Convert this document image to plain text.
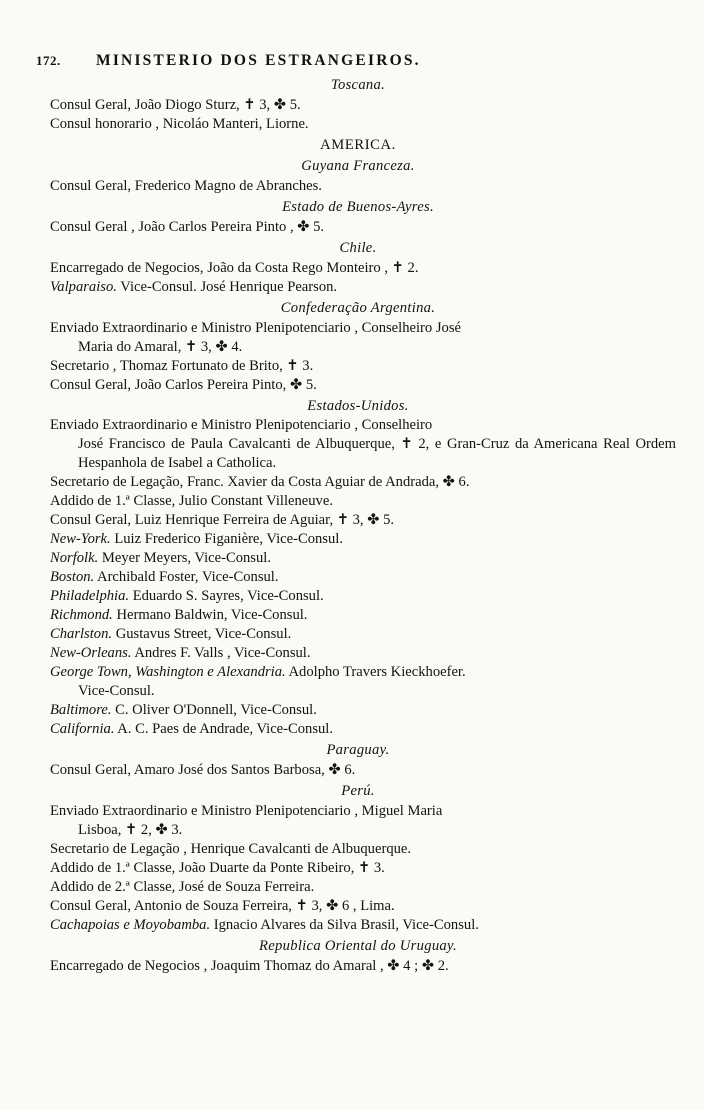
172.	MINISTERIO DOS ESTRANGEIROS.
Toscana.
Consul Geral, João Diogo Sturz, ✝ 3, ✤ 5.
Consul honorario , Nicoláo Manteri, Liorne.
AMERICA.
Guyana Franceza.
Consul Geral, Frederico Magno de Abranches.
Estado de Buenos-Ayres.
Consul Geral , João Carlos Pereira Pinto , ✤ 5.
Chile.
Encarregado de Negocios, João da Costa Rego Monteiro , ✝ 2.
Valparaiso. Vice-Consul. José Henrique Pearson.
Confederação Argentina.
Enviado Extraordinario e Ministro Plenipotenciario , Conselheiro José
Maria do Amaral, ✝ 3, ✤ 4.
Secretario , Thomaz Fortunato de Brito, ✝ 3.
Consul Geral, João Carlos Pereira Pinto, ✤ 5.
Estados-Unidos.
Enviado Extraordinario e Ministro Plenipotenciario , Conselheiro
José Francisco de Paula Cavalcanti de Albuquerque, ✝ 2, e Gran-Cruz da Americana Real Ordem Hespanhola de Isabel a Catholica.
Secretario de Legação, Franc. Xavier da Costa Aguiar de Andrada, ✤ 6.
Addido de 1.ª Classe, Julio Constant Villeneuve.
Consul Geral, Luiz Henrique Ferreira de Aguiar, ✝ 3, ✤ 5.
New-York. Luiz Frederico Figanière, Vice-Consul.
Norfolk. Meyer Meyers, Vice-Consul.
Boston. Archibald Foster, Vice-Consul.
Philadelphia. Eduardo S. Sayres, Vice-Consul.
Richmond. Hermano Baldwin, Vice-Consul.
Charlston. Gustavus Street, Vice-Consul.
New-Orleans. Andres F. Valls , Vice-Consul.
George Town, Washington e Alexandria. Adolpho Travers Kieckhoefer.
Vice-Consul.
Baltimore. C. Oliver O'Donnell, Vice-Consul.
California. A. C. Paes de Andrade, Vice-Consul.
Paraguay.
Consul Geral, Amaro José dos Santos Barbosa, ✤ 6.
Perú.
Enviado Extraordinario e Ministro Plenipotenciario , Miguel Maria
Lisboa, ✝ 2, ✤ 3.
Secretario de Legação , Henrique Cavalcanti de Albuquerque.
Addido de 1.ª Classe, João Duarte da Ponte Ribeiro, ✝ 3.
Addido de 2.ª Classe, José de Souza Ferreira.
Consul Geral, Antonio de Souza Ferreira, ✝ 3, ✤ 6 , Lima.
Cachapoias e Moyobamba. Ignacio Alvares da Silva Brasil, Vice-Consul.
Republica Oriental do Uruguay.
Encarregado de Negocios , Joaquim Thomaz do Amaral , ✤ 4 ; ✤ 2.
